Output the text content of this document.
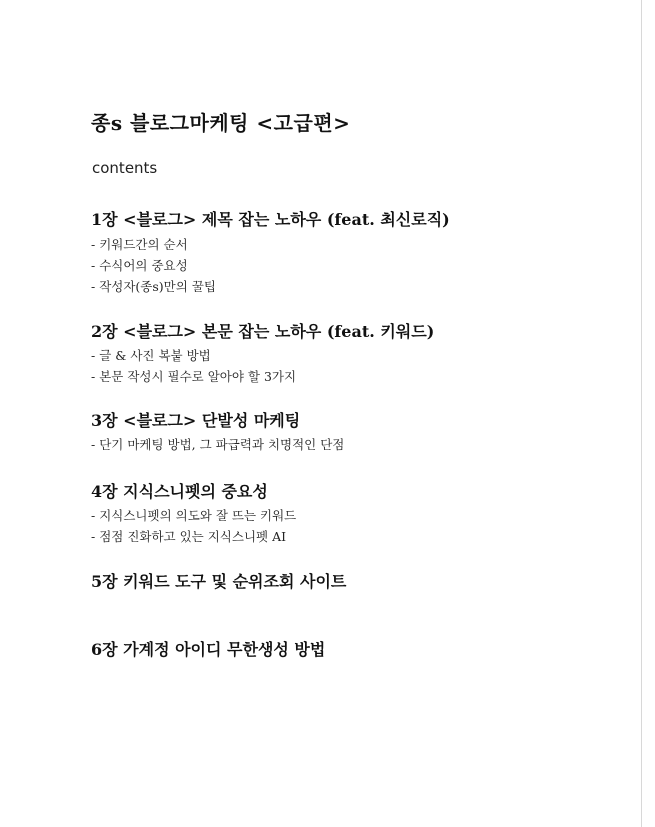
종s 블로그마케팅 <고급편>
contents
1장 <블로그> 제목 잡는 노하우 (feat. 최신로직)
- 키워드간의 순서
- 수식어의 중요성
- 작성자(종s)만의 꿀팁
2장 <블로그> 본문 잡는 노하우 (feat. 키워드)
- 글 & 사진 복붙 방법
- 본문 작성시 필수로 알아야 할 3가지
3장 <블로그> 단발성 마케팅
- 단기 마케팅 방법, 그 파급력과 치명적인 단점
4장 지식스니펫의 중요성
- 지식스니펫의 의도와 잘 뜨는 키워드
- 점점 진화하고 있는 지식스니펫 AI
5장 키워드 도구 및 순위조회 사이트
6장 가계정 아이디 무한생성 방법
